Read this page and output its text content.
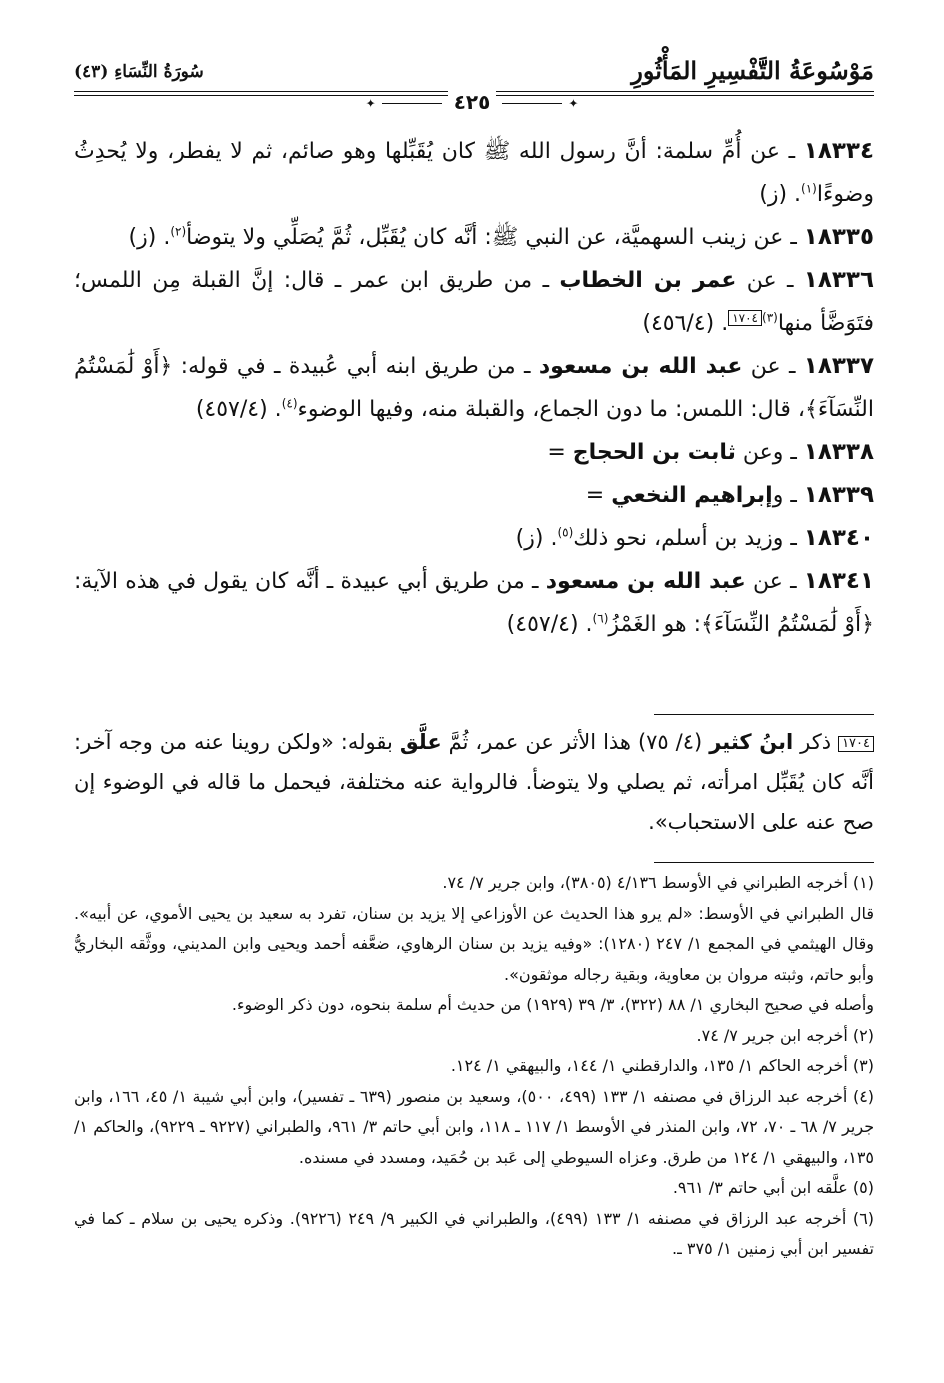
مَوْسُوعَةُ التَّفْسِيرِ المَأْثُورِ
سُورَةُ النِّسَاءِ (٤٣)
✦٤٢٥✦

١٨٣٣٤ ـ عن أُمِّ سلمة: أنَّ رسول الله ﷺ كان يُقَبِّلها وهو صائم، ثم لا يفطر، ولا يُحدِثُ وضوءًا$^{(١)}$. (ز)

١٨٣٣٥ ـ عن زينب السهميَّة، عن النبي ﷺ: أنَّه كان يُقَبِّل، ثُمَّ يُصَلِّي ولا يتوضأ$^{(٢)}$. (ز)

١٨٣٣٦ ـ عن عمر بن الخطاب ـ من طريق ابن عمر ـ قال: إنَّ القبلة مِن اللمس؛ فتَوَضَّأ منها$^{(٣)}$١٧٠٤. (٤٥٦/٤)

١٨٣٣٧ ـ عن عبد الله بن مسعود ـ من طريق ابنه أبي عُبيدة ـ في قوله: ﴿أَوْ لَٰمَسْتُمُ النِّسَآءَ﴾، قال: اللمس: ما دون الجماع، والقبلة منه، وفيها الوضوء$^{(٤)}$. (٤٥٧/٤)

١٨٣٣٨ ـ وعن ثابت بن الحجاج =

١٨٣٣٩ ـ وإبراهيم النخعي =

١٨٣٤٠ ـ وزيد بن أسلم، نحو ذلك$^{(٥)}$. (ز)

١٨٣٤١ ـ عن عبد الله بن مسعود ـ من طريق أبي عبيدة ـ أنَّه كان يقول في هذه الآية: ﴿أَوْ لَٰمَسْتُمُ النِّسَآءَ﴾: هو الغَمْزُ$^{(٦)}$. (٤٥٧/٤)

١٧٠٤ ذكر ابنُ كثير (٤/ ٧٥) هذا الأثر عن عمر، ثُمَّ علَّق بقوله: «ولكن روينا عنه من وجه آخر: أنَّه كان يُقَبِّل امرأته، ثم يصلي ولا يتوضأ. فالرواية عنه مختلفة، فيحمل ما قاله في الوضوء إن صح عنه على الاستحباب».

(١) أخرجه الطبراني في الأوسط ٤/١٣٦ (٣٨٠٥)، وابن جرير ٧/ ٧٤.

قال الطبراني في الأوسط: «لم يرو هذا الحديث عن الأوزاعي إلا يزيد بن سنان، تفرد به سعيد بن يحيى الأموي، عن أبيه». وقال الهيثمي في المجمع ١/ ٢٤٧ (١٢٨٠): «وفيه يزيد بن سنان الرهاوي، ضعَّفه أحمد ويحيى وابن المديني، ووثَّقه البخاريُّ وأبو حاتم، وثبته مروان بن معاوية، وبقية رجاله موثقون».

وأصله في صحيح البخاري ١/ ٨٨ (٣٢٢)، ٣/ ٣٩ (١٩٢٩) من حديث أم سلمة بنحوه، دون ذكر الوضوء.

(٢) أخرجه ابن جرير ٧/ ٧٤.

(٣) أخرجه الحاكم ١/ ١٣٥، والدارقطني ١/ ١٤٤، والبيهقي ١/ ١٢٤.

(٤) أخرجه عبد الرزاق في مصنفه ١/ ١٣٣ (٤٩٩، ٥٠٠)، وسعيد بن منصور (٦٣٩ ـ تفسير)، وابن أبي شيبة ١/ ٤٥، ١٦٦، وابن جرير ٧/ ٦٨ ـ ٧٠، ٧٢، وابن المنذر في الأوسط ١/ ١١٧ ـ ١١٨، وابن أبي حاتم ٣/ ٩٦١، والطبراني (٩٢٢٧ ـ ٩٢٢٩)، والحاكم ١/ ١٣٥، والبيهقي ١/ ١٢٤ من طرق. وعزاه السيوطي إلى عَبد بن حُمَيد، ومسدد في مسنده.

(٥) علَّقه ابن أبي حاتم ٣/ ٩٦١.

(٦) أخرجه عبد الرزاق في مصنفه ١/ ١٣٣ (٤٩٩)، والطبراني في الكبير ٩/ ٢٤٩ (٩٢٢٦). وذكره يحيى بن سلام ـ كما في تفسير ابن أبي زمنين ١/ ٣٧٥ ـ.
